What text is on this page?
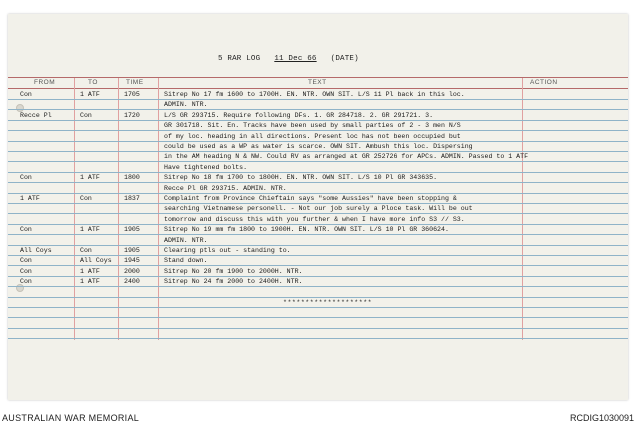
5 RAR LOG 11 Dec 66 (DATE)
FROM	TO	TIME	TEXT	ACTION
Con	1 ATF	1705	Sitrep No 17 fm 1600 to 1700H. EN. NTR. OWN SIT. L/S 11 Pl back in this loc.
ADMIN. NTR.
Recce Pl	Con	1720	L/S GR 293715. Require following DFs. 1. GR 284718. 2. GR 291721. 3.
GR 301718. Sit. En. Tracks have been used by small parties of 2 - 3 men N/S
of my loc. heading in all directions. Present loc has not been occupied but
could be used as a WP as water is scarce. OWN SIT. Ambush this loc. Dispersing
in the AM heading N & NW. Could RV as arranged at GR 252726 for APCs. ADMIN. Passed to 1 ATF
Have tightened bolts.
Con	1 ATF	1800	Sitrep No 18 fm 1700 to 1800H. EN. NTR. OWN SIT. L/S 10 Pl GR 343635.
Recce Pl GR 293715. ADMIN. NTR.
1 ATF	Con	1837	Complaint from Province Chieftain says "some Aussies" have been stopping &
searching Vietnamese personell. - Not our job surely a Ploce task. Will be out
tomorrow and discuss this with you further & when I have more info S3 // S3.
Con	1 ATF	1905	Sitrep No 19 mm fm 1800 to 1900H. EN. NTR. OWN SIT. L/S 10 Pl GR 360624.
ADMIN. NTR.
All Coys	Con	1905	Clearing ptls out - standing to.
Con	All Coys 1945	Stand down.
Con	1 ATF	2000	Sitrep No 20 fm 1900 to 2000H. NTR.
Con	1 ATF	2400	Sitrep No 24 fm 2000 to 2400H. NTR.
********************
AUSTRALIAN WAR MEMORIAL	RCDIG1030091
